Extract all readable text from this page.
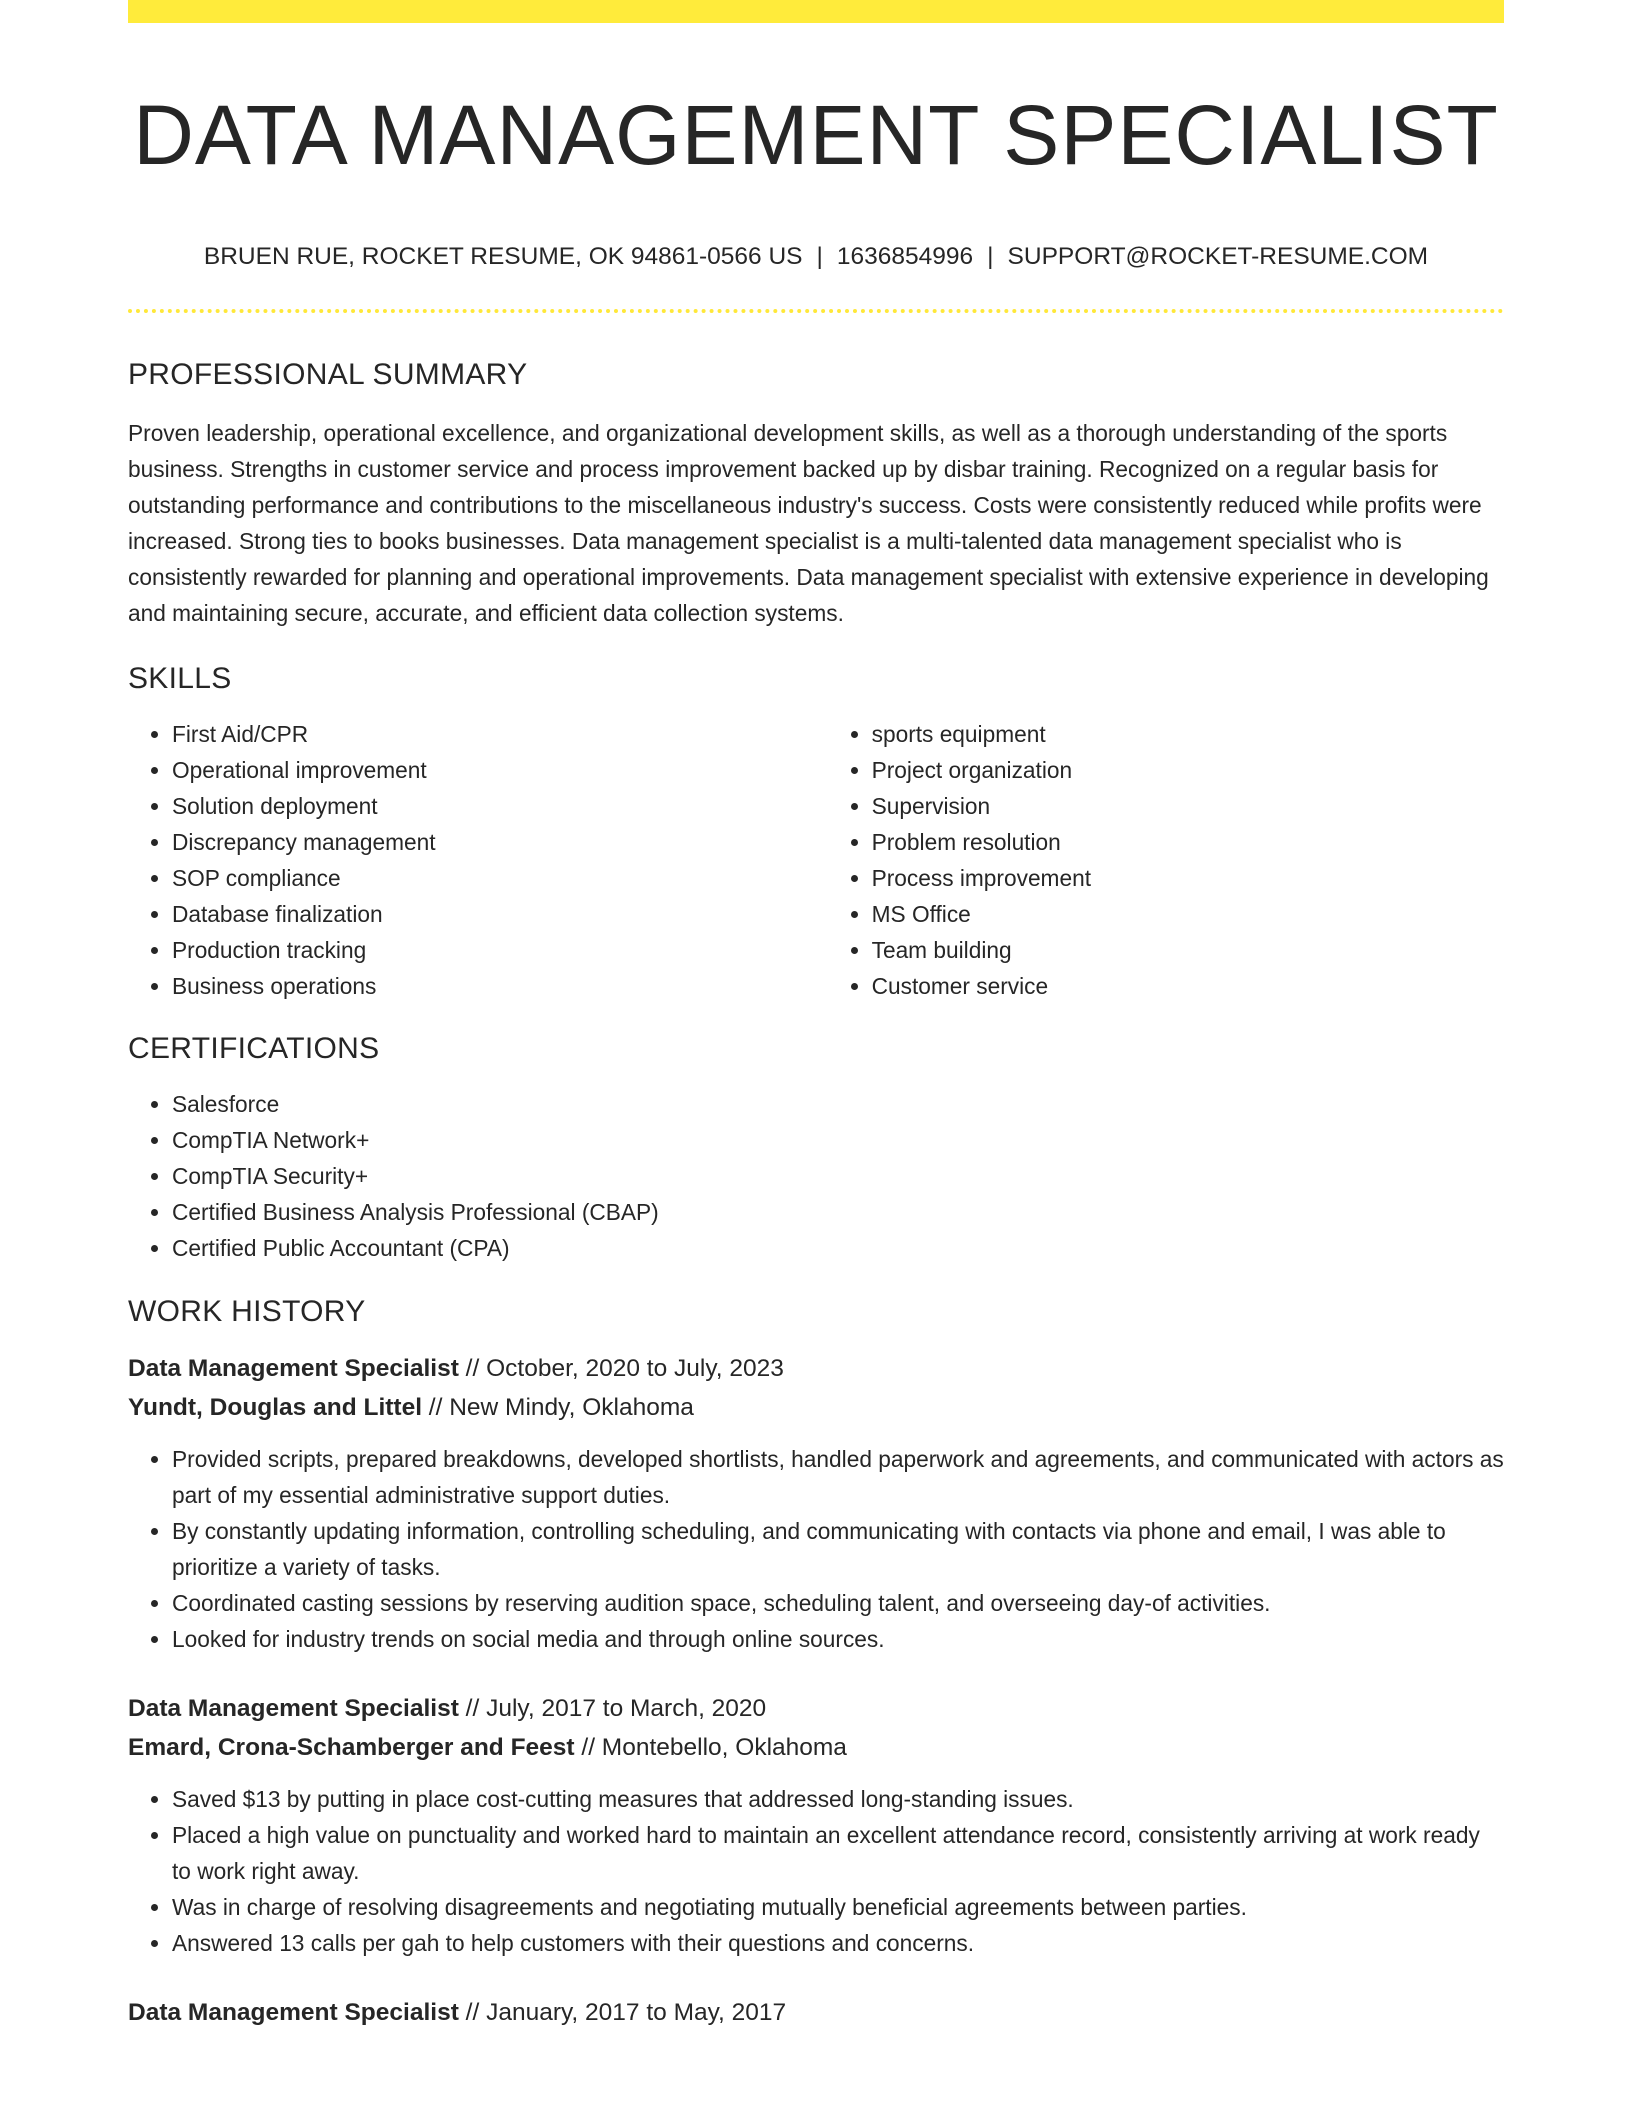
DATA MANAGEMENT SPECIALIST
BRUEN RUE, ROCKET RESUME, OK 94861-0566 US | 1636854996 | SUPPORT@ROCKET-RESUME.COM
PROFESSIONAL SUMMARY
Proven leadership, operational excellence, and organizational development skills, as well as a thorough understanding of the sports business. Strengths in customer service and process improvement backed up by disbar training. Recognized on a regular basis for outstanding performance and contributions to the miscellaneous industry's success. Costs were consistently reduced while profits were increased. Strong ties to books businesses. Data management specialist is a multi-talented data management specialist who is consistently rewarded for planning and operational improvements. Data management specialist with extensive experience in developing and maintaining secure, accurate, and efficient data collection systems.
SKILLS
• First Aid/CPR
• Operational improvement
• Solution deployment
• Discrepancy management
• SOP compliance
• Database finalization
• Production tracking
• Business operations
• sports equipment
• Project organization
• Supervision
• Problem resolution
• Process improvement
• MS Office
• Team building
• Customer service
CERTIFICATIONS
• Salesforce
• CompTIA Network+
• CompTIA Security+
• Certified Business Analysis Professional (CBAP)
• Certified Public Accountant (CPA)
WORK HISTORY
Data Management Specialist // October, 2020 to July, 2023
Yundt, Douglas and Littel // New Mindy, Oklahoma
• Provided scripts, prepared breakdowns, developed shortlists, handled paperwork and agreements, and communicated with actors as part of my essential administrative support duties.
• By constantly updating information, controlling scheduling, and communicating with contacts via phone and email, I was able to prioritize a variety of tasks.
• Coordinated casting sessions by reserving audition space, scheduling talent, and overseeing day-of activities.
• Looked for industry trends on social media and through online sources.
Data Management Specialist // July, 2017 to March, 2020
Emard, Crona-Schamberger and Feest // Montebello, Oklahoma
• Saved $13 by putting in place cost-cutting measures that addressed long-standing issues.
• Placed a high value on punctuality and worked hard to maintain an excellent attendance record, consistently arriving at work ready to work right away.
• Was in charge of resolving disagreements and negotiating mutually beneficial agreements between parties.
• Answered 13 calls per gah to help customers with their questions and concerns.
Data Management Specialist // January, 2017 to May, 2017
